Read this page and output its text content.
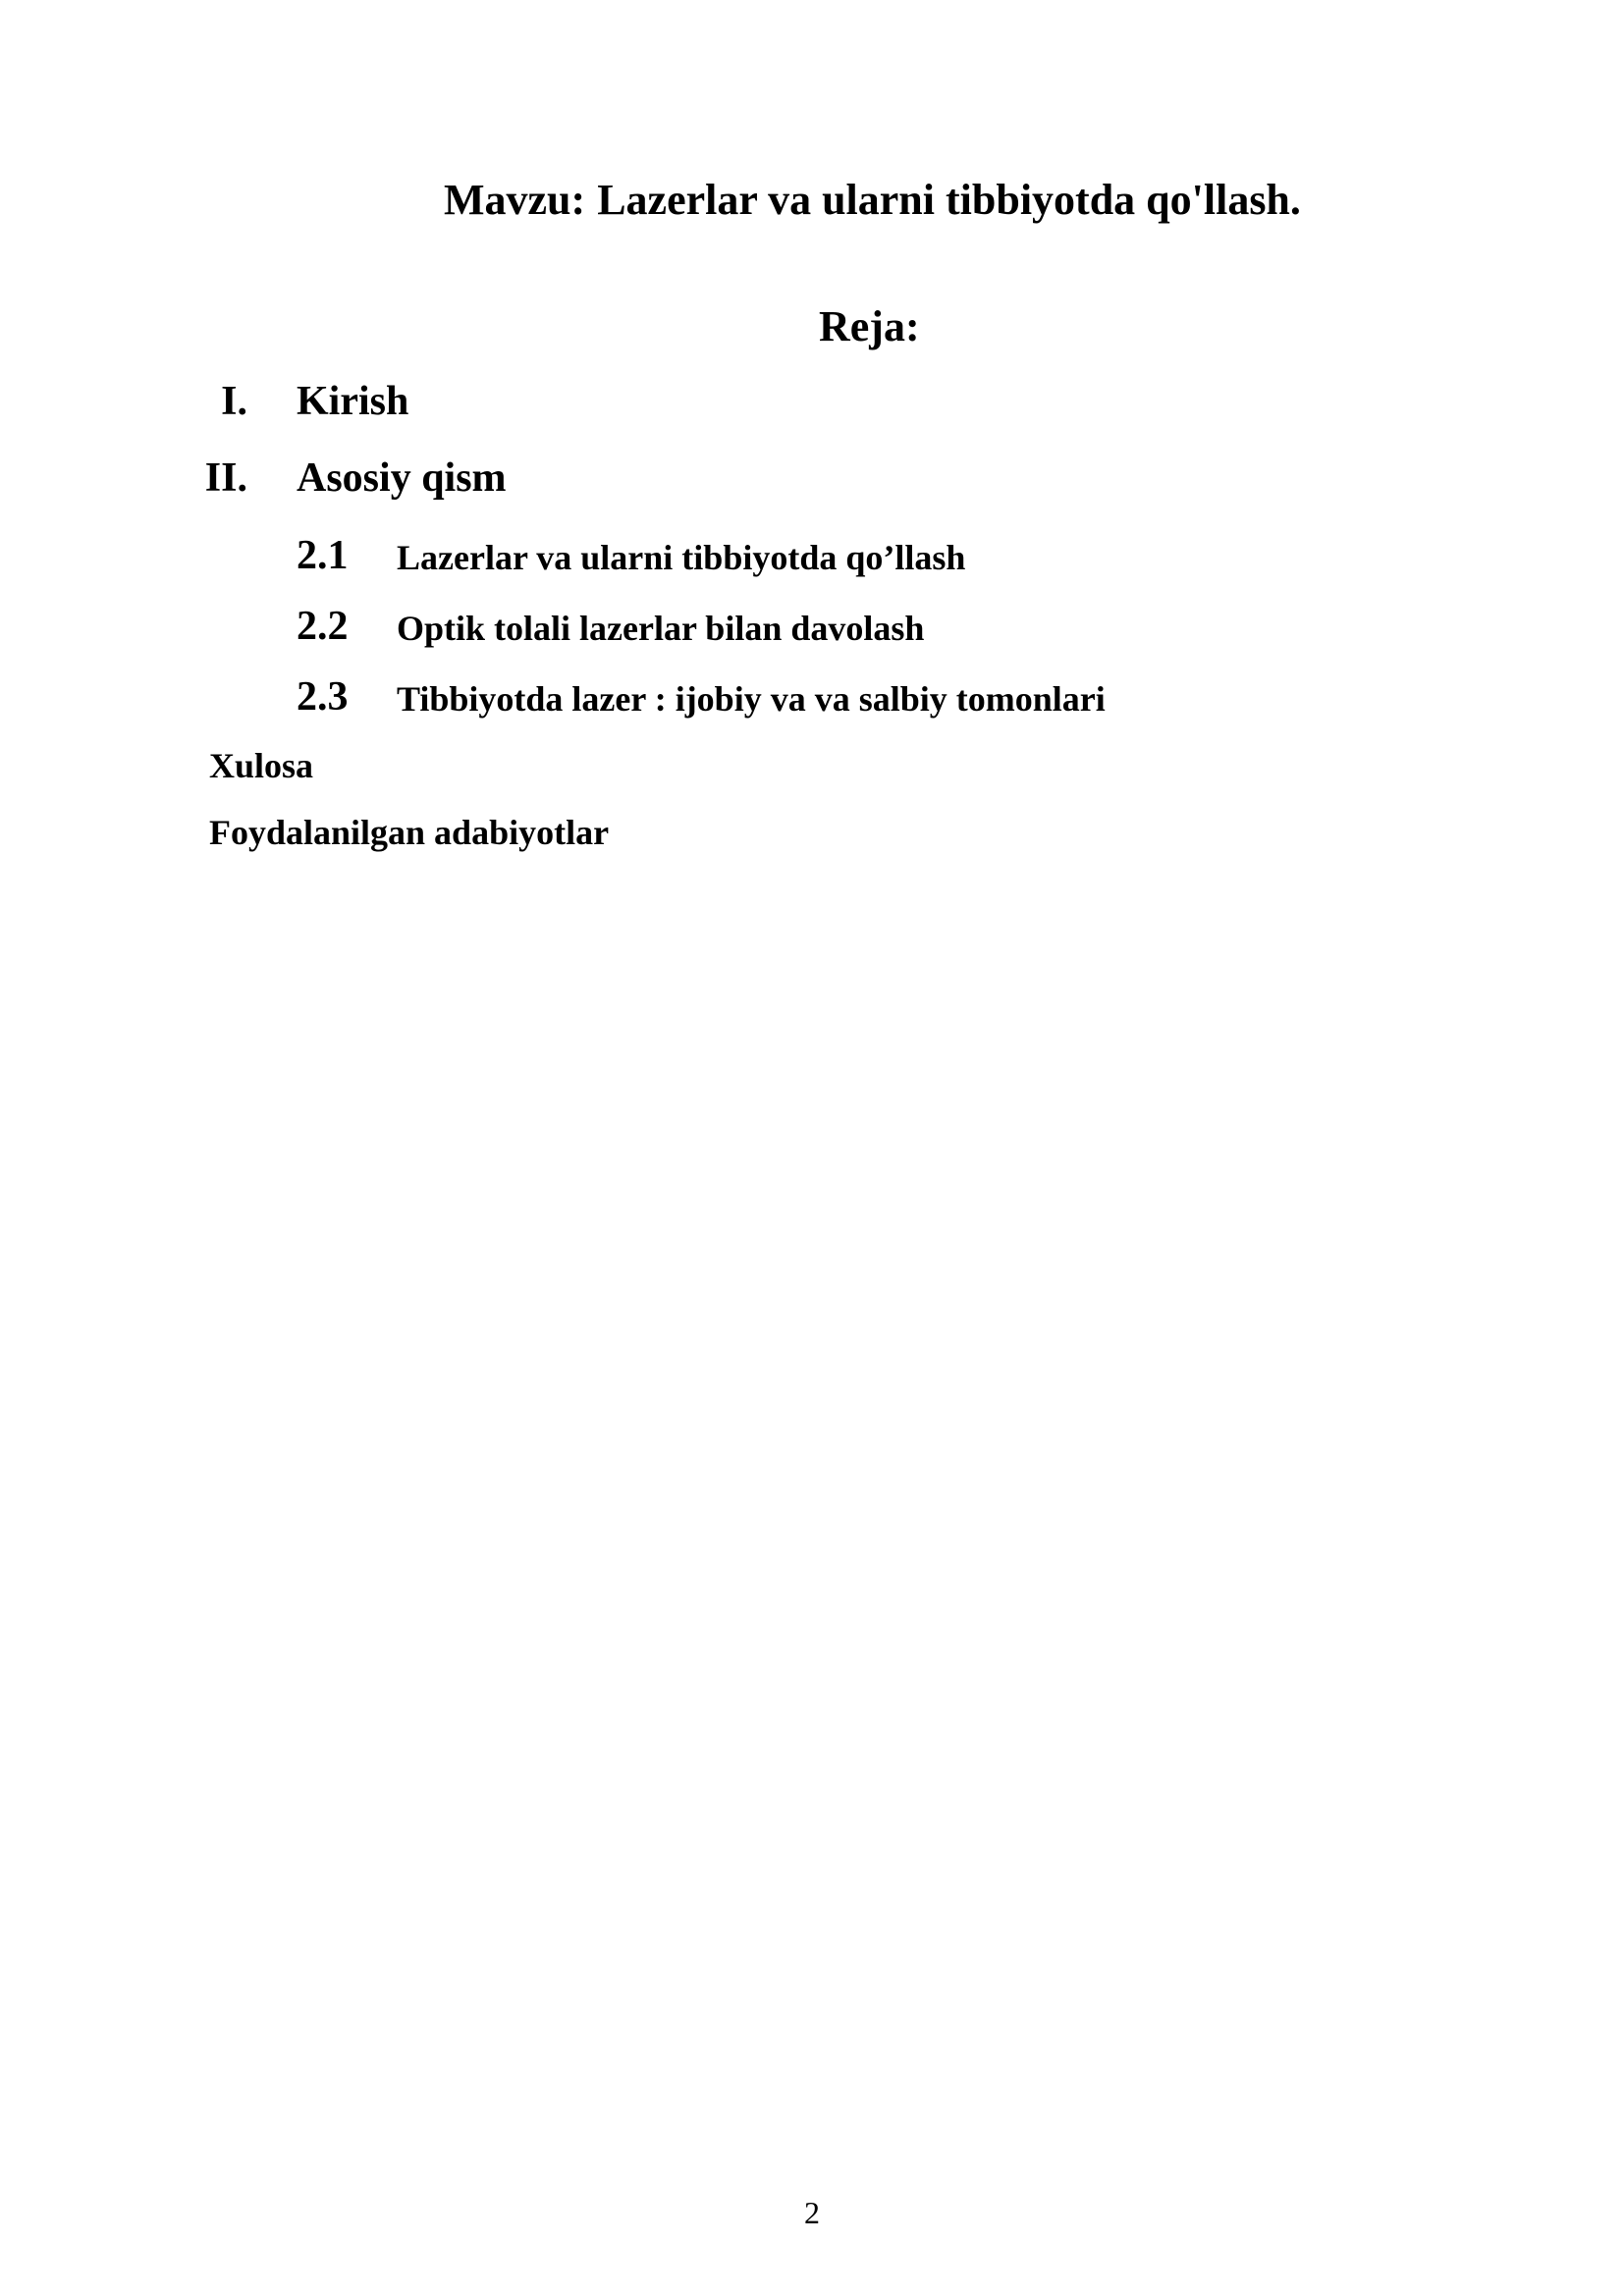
Mavzu: Lazerlar va ularni tibbiyotda qo'llash.
Reja:
I. Kirish
II. Asosiy qism
2.1 Lazerlar va ularni tibbiyotda qo’llash
2.2 Optik tolali lazerlar bilan davolash
2.3 Tibbiyotda lazer : ijobiy va va salbiy tomonlari
Xulosa
Foydalanilgan adabiyotlar
2
